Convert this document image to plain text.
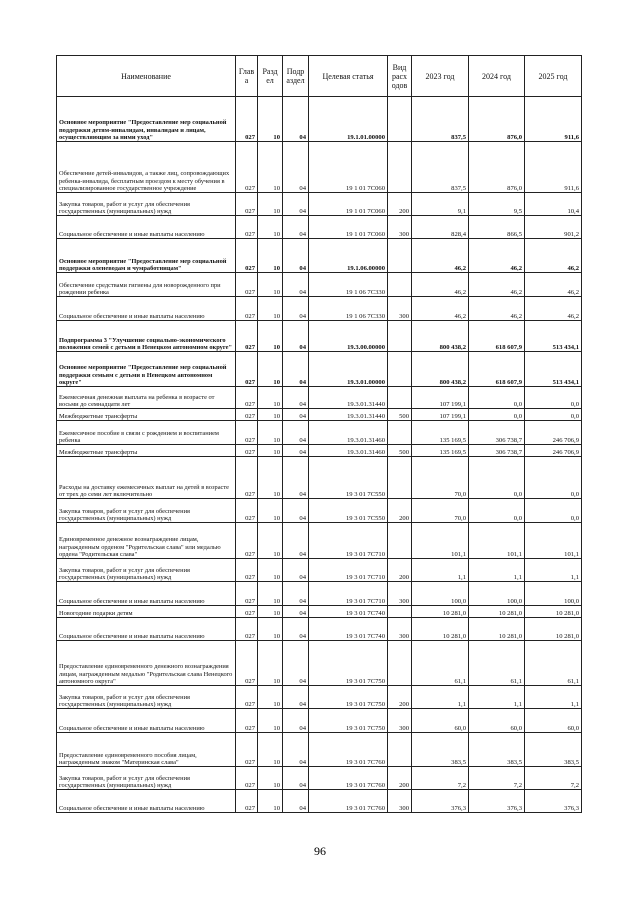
Наименование	Глав а	Разд ел	Подр аздел	Целевая статья	Вид расх одов	2023 год	2024 год	2025 год
Основное мероприятие "Предоставление мер социальной поддержки детям-инвалидам, инвалидам и лицам, осуществляющим за ними уход"	027	10	04	19.1.01.00000		837,5	876,0	911,6
Обеспечение детей-инвалидов, а также лиц, сопровождающих ребенка-инвалида, бесплатным проездом к месту обучения в специализированное государственное учреждение	027	10	04	19 1 01 7С060		837,5	876,0	911,6
Закупка товаров, работ и услуг для обеспечения государственных (муниципальных) нужд	027	10	04	19 1 01 7С060	200	9,1	9,5	10,4
Социальное обеспечение и иные выплаты населению	027	10	04	19 1 01 7С060	300	828,4	866,5	901,2
Основное мероприятие "Предоставление мер социальной поддержки оленеводам и чумработницам"	027	10	04	19.1.06.00000		46,2	46,2	46,2
Обеспечение средствами гигиены для новорожденного при рождении ребенка	027	10	04	19 1 06 7С330		46,2	46,2	46,2
Социальное обеспечение и иные выплаты населению	027	10	04	19 1 06 7С330	300	46,2	46,2	46,2
Подпрограмма 3 "Улучшение социально-экономического положения семей с детьми в Ненецком автономном округе"	027	10	04	19.3.00.00000		800 438,2	618 607,9	513 434,1
Основное мероприятие "Предоставление мер социальной поддержки семьям с детьми в Ненецком автономном округе"	027	10	04	19.3.01.00000		800 438,2	618 607,9	513 434,1
Ежемесячная денежная выплата на ребенка в возрасте от восьми до семнадцати лет	027	10	04	19.3.01.31440		107 199,1	0,0	0,0
Межбюджетные трансферты	027	10	04	19.3.01.31440	500	107 199,1	0,0	0,0
Ежемесячное пособие в связи с рождением и воспитанием ребенка	027	10	04	19.3.01.31460		135 169,5	306 738,7	246 706,9
Межбюджетные трансферты	027	10	04	19.3.01.31460	500	135 169,5	306 738,7	246 706,9
Расходы на доставку ежемесячных выплат на детей в возрасте от трех до семи лет включительно	027	10	04	19 3 01 7С550		70,0	0,0	0,0
Закупка товаров, работ и услуг для обеспечения государственных (муниципальных) нужд	027	10	04	19 3 01 7С550	200	70,0	0,0	0,0
Единовременное денежное вознаграждение лицам, награжденным орденом "Родительская слава" или медалью ордена "Родительская слава"	027	10	04	19 3 01 7С710		101,1	101,1	101,1
Закупка товаров, работ и услуг для обеспечения государственных (муниципальных) нужд	027	10	04	19 3 01 7С710	200	1,1	1,1	1,1
Социальное обеспечение и иные выплаты населению	027	10	04	19 3 01 7С710	300	100,0	100,0	100,0
Новогодние подарки детям	027	10	04	19 3 01 7С740		10 281,0	10 281,0	10 281,0
Социальное обеспечение и иные выплаты населению	027	10	04	19 3 01 7С740	300	10 281,0	10 281,0	10 281,0
Предоставление единовременного денежного вознаграждения лицам, награжденным медалью "Родительская слава Ненецкого автономного округа"	027	10	04	19 3 01 7С750		61,1	61,1	61,1
Закупка товаров, работ и услуг для обеспечения государственных (муниципальных) нужд	027	10	04	19 3 01 7С750	200	1,1	1,1	1,1
Социальное обеспечение и иные выплаты населению	027	10	04	19 3 01 7С750	300	60,0	60,0	60,0
Предоставление единовременного пособия лицам, награжденным знаком "Материнская слава"	027	10	04	19 3 01 7С760		383,5	383,5	383,5
Закупка товаров, работ и услуг для обеспечения государственных (муниципальных) нужд	027	10	04	19 3 01 7С760	200	7,2	7,2	7,2
Социальное обеспечение и иные выплаты населению	027	10	04	19 3 01 7С760	300	376,3	376,3	376,3
96
